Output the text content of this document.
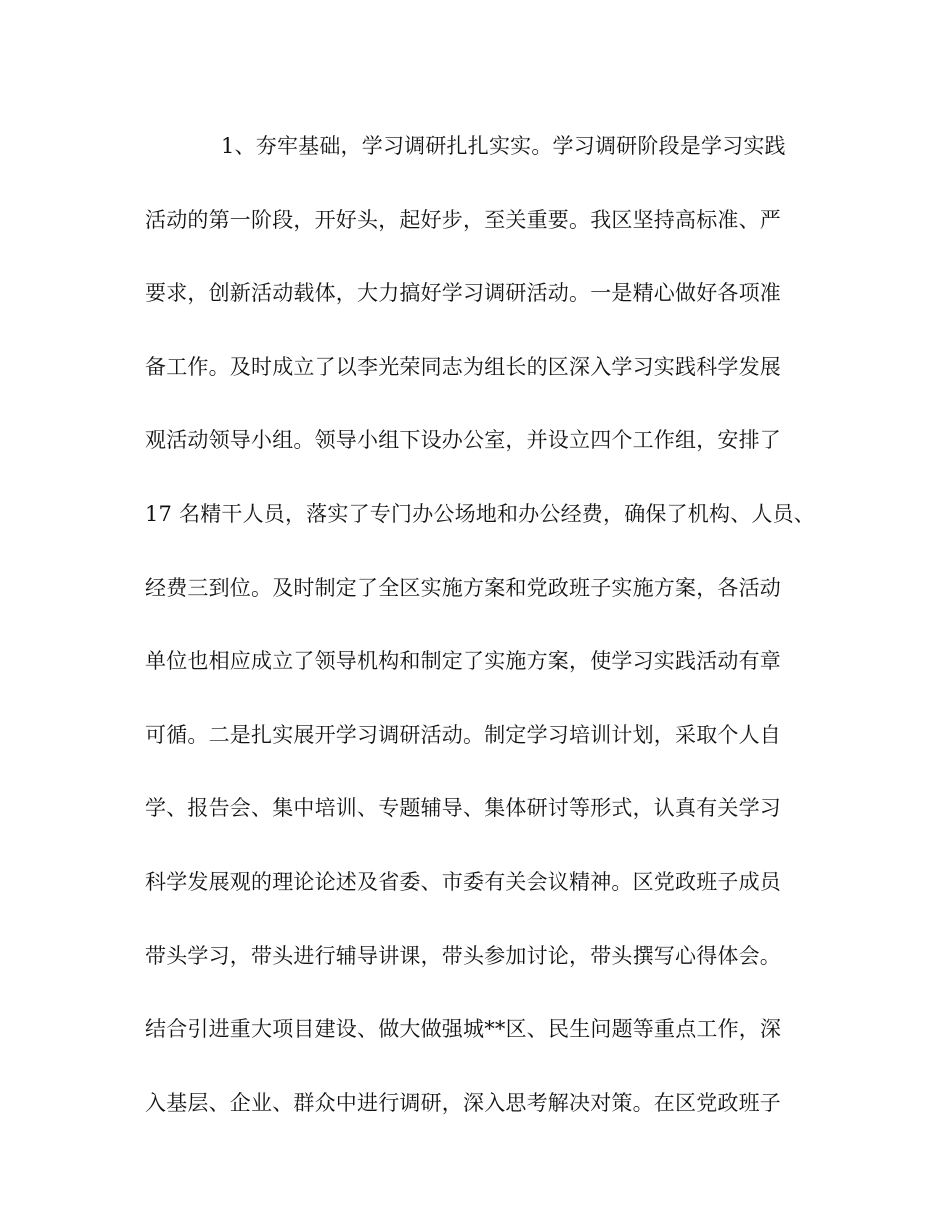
1、夯牢基础，学习调研扎扎实实。学习调研阶段是学习实践
活动的第一阶段，开好头，起好步，至关重要。我区坚持高标准、严
要求，创新活动载体，大力搞好学习调研活动。一是精心做好各项准
备工作。及时成立了以李光荣同志为组长的区深入学习实践科学发展
观活动领导小组。领导小组下设办公室，并设立四个工作组，安排了
17 名精干人员，落实了专门办公场地和办公经费，确保了机构、人员、
经费三到位。及时制定了全区实施方案和党政班子实施方案，各活动
单位也相应成立了领导机构和制定了实施方案，使学习实践活动有章
可循。二是扎实展开学习调研活动。制定学习培训计划，采取个人自
学、报告会、集中培训、专题辅导、集体研讨等形式，认真有关学习
科学发展观的理论论述及省委、市委有关会议精神。区党政班子成员
带头学习，带头进行辅导讲课，带头参加讨论，带头撰写心得体会。
结合引进重大项目建设、做大做强城**区、民生问题等重点工作，深
入基层、企业、群众中进行调研，深入思考解决对策。在区党政班子
